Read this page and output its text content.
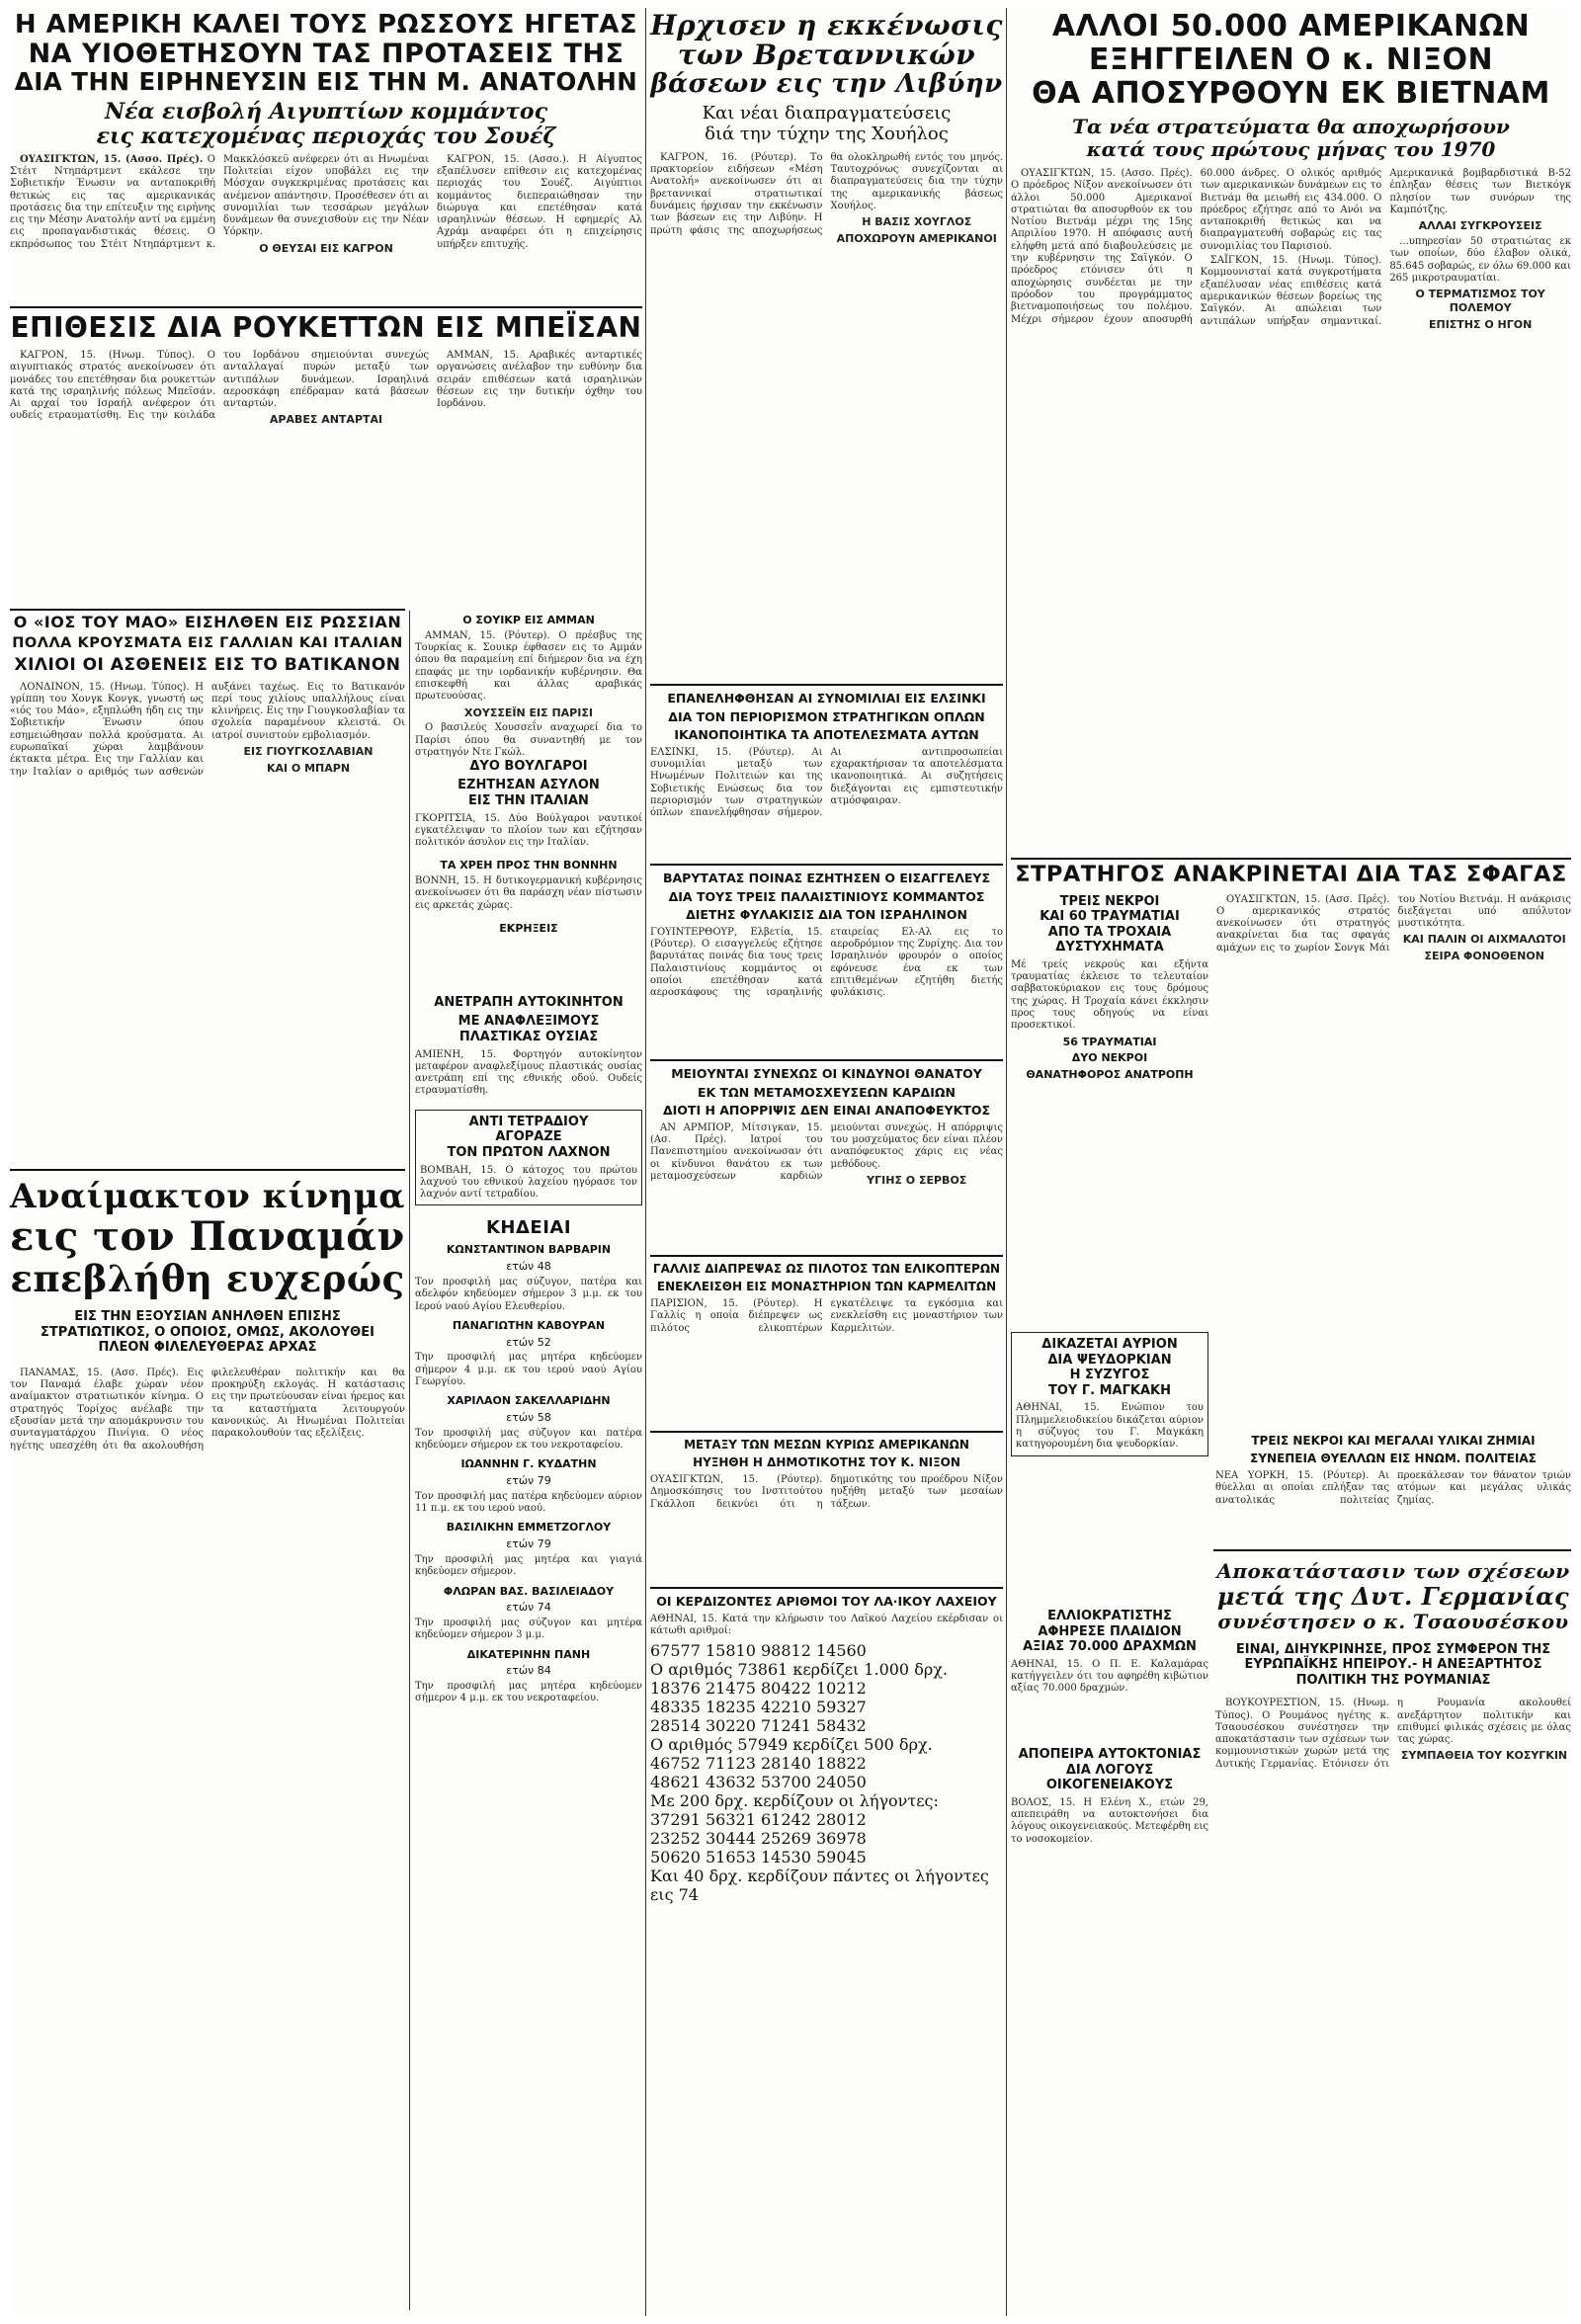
Η ΑΜΕΡΙΚΗ ΚΑΛΕΙ ΤΟΥΣ ΡΩΣΣΟΥΣ ΗΓΕΤΑΣ
ΝΑ ΥΙΟΘΕΤΗΣΟΥΝ ΤΑΣ ΠΡΟΤΑΣΕΙΣ ΤΗΣ
ΔΙΑ ΤΗΝ ΕΙΡΗΝΕΥΣΙΝ ΕΙΣ ΤΗΝ Μ. ΑΝΑΤΟΛΗΝ
Νέα εισβολή Αιγυπτίων κομμάντος
εις κατεχομένας περιοχάς του Σουέζ

ΟΥΑΣΙΓΚΤΩΝ, 15. (Ασσο. Πρές). Ο Στέιτ Ντηπάρτμεντ εκάλεσε την Σοβιετικήν Ένωσιν να ανταποκριθή θετικώς εις τας αμερικανικάς προτάσεις δια την επίτευξιν της ειρήνης εις την Μέσην Ανατολήν αντί να εμμένη εις προπαγανδιστικάς θέσεις. Ο εκπρόσωπος του Στέιτ Ντηπάρτμεντ κ. Μακκλόσκεϋ ανέφερεν ότι αι Ηνωμέναι Πολιτείαι είχον υποβάλει εις την Μόσχαν συγκεκριμένας προτάσεις και ανέμενον απάντησιν. Προσέθεσεν ότι αι συνομιλίαι των τεσσάρων μεγάλων δυνάμεων θα συνεχισθούν εις την Νέαν Υόρκην.

Ο ΘΕΥΣΑΙ ΕΙΣ ΚΑΓΡΟΝ

ΚΑΓΡΟΝ, 15. (Ασσο.). Η Αίγυπτος εξαπέλυσεν επίθεσιν εις κατεχομένας περιοχάς του Σουέζ. Αιγύπτιοι κομμάντος διεπεραιώθησαν την διώρυγα και επετέθησαν κατά ισραηλινών θέσεων. Η εφημερίς Αλ Αχράμ αναφέρει ότι η επιχείρησις υπήρξεν επιτυχής.

ΕΠΙΘΕΣΙΣ ΔΙΑ ΡΟΥΚΕΤΤΩΝ ΕΙΣ ΜΠΕΪΣΑΝ

ΚΑΓΡΟΝ, 15. (Ηνωμ. Τύπος). Ο αιγυπτιακός στρατός ανεκοίνωσεν ότι μονάδες του επετέθησαν δια ρουκεττών κατά της ισραηλινής πόλεως Μπεϊσάν. Αι αρχαί του Ισραήλ ανέφερον ότι ουδείς ετραυματίσθη. Εις την κοιλάδα του Ιορδάνου σημειούνται συνεχώς ανταλλαγαί πυρών μεταξύ των αντιπάλων δυνάμεων. Ισραηλινά αεροσκάφη επέδραμαν κατά βάσεων ανταρτών.

ΑΡΑΒΕΣ ΑΝΤΑΡΤΑΙ

ΑΜΜΑΝ, 15. Αραβικές ανταρτικές οργανώσεις ανέλαβον την ευθύνην δια σειράν επιθέσεων κατά ισραηλινών θέσεων εις την δυτικήν όχθην του Ιορδάνου.

Ο «ΙΟΣ ΤΟΥ ΜΑΟ» ΕΙΣΗΛΘΕΝ ΕΙΣ ΡΩΣΣΙΑΝ
ΠΟΛΛΑ ΚΡΟΥΣΜΑΤΑ ΕΙΣ ΓΑΛΛΙΑΝ ΚΑΙ ΙΤΑΛΙΑΝ
ΧΙΛΙΟΙ ΟΙ ΑΣΘΕΝΕΙΣ ΕΙΣ ΤΟ ΒΑΤΙΚΑΝΟΝ

ΛΟΝΔΙΝΟΝ, 15. (Ηνωμ. Τύπος). Η γρίππη του Χονγκ Κονγκ, γνωστή ως «ιός του Μάο», εξηπλώθη ήδη εις την Σοβιετικήν Ένωσιν όπου εσημειώθησαν πολλά κρούσματα. Αι ευρωπαϊκαί χώραι λαμβάνουν έκτακτα μέτρα. Εις την Γαλλίαν και την Ιταλίαν ο αριθμός των ασθενών αυξάνει ταχέως. Εις το Βατικανόν περί τους χιλίους υπαλλήλους είναι κλινήρεις. Εις την Γιουγκοσλαβίαν τα σχολεία παραμένουν κλειστά. Οι ιατροί συνιστούν εμβολιασμόν.

ΕΙΣ ΓΙΟΥΓΚΟΣΛΑΒΙΑΝ
ΚΑΙ Ο ΜΠΑΡΝ
Αναίμακτον κίνημα
εις τον Παναμάν
επεβλήθη ευχερώς
ΕΙΣ ΤΗΝ ΕΞΟΥΣΙΑΝ ΑΝΗΛΘΕΝ ΕΠΙΣΗΣ ΣΤΡΑΤΙΩΤΙΚΟΣ, Ο ΟΠΟΙΟΣ, ΟΜΩΣ, ΑΚΟΛΟΥΘΕΙ ΠΛΕΟΝ ΦΙΛΕΛΕΥΘΕΡΑΣ ΑΡΧΑΣ

ΠΑΝΑΜΑΣ, 15. (Ασσ. Πρές). Εις τον Παναμά έλαβε χώραν νέον αναίμακτον στρατιωτικόν κίνημα. Ο στρατηγός Τορίχος ανέλαβε την εξουσίαν μετά την απομάκρυνσιν του συνταγματάρχου Πινίγια. Ο νέος ηγέτης υπεσχέθη ότι θα ακολουθήση φιλελευθέραν πολιτικήν και θα προκηρύξη εκλογάς. Η κατάστασις εις την πρωτεύουσαν είναι ήρεμος και τα καταστήματα λειτουργούν κανονικώς. Αι Ηνωμέναι Πολιτείαι παρακολουθούν τας εξελίξεις.

Ο ΣΟΥΙΚΡ ΕΙΣ ΑΜΜΑΝ

ΑΜΜΑΝ, 15. (Ρόυτερ). Ο πρέσβυς της Τουρκίας κ. Σουικρ έφθασεν εις το Αμμάν όπου θα παραμείνη επί διήμερον δια να έχη επαφάς με την ιορδανικήν κυβέρνησιν. Θα επισκεφθή και άλλας αραβικάς πρωτευούσας.

ΧΟΥΣΣΕΪΝ ΕΙΣ ΠΑΡΙΣΙ

Ο βασιλεύς Χουσσεΐν αναχωρεί δια το Παρίσι όπου θα συναντηθή με τον στρατηγόν Ντε Γκώλ.

ΔΥΟ ΒΟΥΛΓΑΡΟΙ
ΕΖΗΤΗΣΑΝ ΑΣΥΛΟΝ
ΕΙΣ ΤΗΝ ΙΤΑΛΙΑΝ
ΓΚΟΡΙΤΣΙΑ, 15. Δύο Βούλγαροι ναυτικοί εγκατέλειψαν το πλοίον των και εζήτησαν πολιτικόν άσυλον εις την Ιταλίαν.
ΤΑ ΧΡΕΗ ΠΡΟΣ ΤΗΝ ΒΟΝΝΗΝ
ΒΟΝΝΗ, 15. Η δυτικογερμανική κυβέρνησις ανεκοίνωσεν ότι θα παράσχη νέαν πίστωσιν εις αρκετάς χώρας.
ΕΚΡΗΞΕΙΣ
ΑΝΕΤΡΑΠΗ ΑΥΤΟΚΙΝΗΤΟΝ
ΜΕ ΑΝΑΦΛΕΞΙΜΟΥΣ
ΠΛΑΣΤΙΚΑΣ ΟΥΣΙΑΣ
ΑΜΙΕΝΗ, 15. Φορτηγόν αυτοκίνητον μεταφέρον αναφλεξίμους πλαστικάς ουσίας ανετράπη επί της εθνικής οδού. Ουδείς ετραυματίσθη.
ΑΝΤΙ ΤΕΤΡΑΔΙΟΥ
ΑΓΟΡΑΖΕ
ΤΟΝ ΠΡΩΤΟΝ ΛΑΧΝΟΝ
ΒΟΜΒΑΗ, 15. Ο κάτοχος του πρώτου λαχνού του εθνικού λαχείου ηγόρασε τον λαχνόν αντί τετραδίου.
ΚΗΔΕΙΑΙ
ΚΩΝΣΤΑΝΤΙΝΟΝ ΒΑΡΒΑΡΙΝ
ετών 48
Τον προσφιλή μας σύζυγον, πατέρα και αδελφόν κηδεύομεν σήμερον 3 μ.μ. εκ του Ιερού ναού Αγίου Ελευθερίου.
ΠΑΝΑΓΙΩΤΗΝ ΚΑΒΟΥΡΑΝ
ετών 52
Την προσφιλή μας μητέρα κηδεύομεν σήμερον 4 μ.μ. εκ του ιερού ναού Αγίου Γεωργίου.
ΧΑΡΙΛΑΟΝ ΣΑΚΕΛΛΑΡΙΔΗΝ
ετών 58
Τον προσφιλή μας σύζυγον και πατέρα κηδεύομεν σήμερον εκ του νεκροταφείου.
ΙΩΑΝΝΗΝ Γ. ΚΥΔΑΤΗΝ
ετών 79
Τον προσφιλή μας πατέρα κηδεύομεν αύριον 11 π.μ. εκ του ιερού ναού.
ΒΑΣΙΛΙΚΗΝ ΕΜΜΕΤΖΟΓΛΟΥ
ετών 79
Την προσφιλή μας μητέρα και γιαγιά κηδεύομεν σήμερον.
ΦΛΩΡΑΝ ΒΑΣ. ΒΑΣΙΛΕΙΑΔΟΥ
ετών 74
Την προσφιλή μας σύζυγον και μητέρα κηδεύομεν σήμερον 3 μ.μ.
ΔΙΚΑΤΕΡΙΝΗΝ ΠΑΝΗ
ετών 84
Την προσφιλή μας μητέρα κηδεύομεν σήμερον 4 μ.μ. εκ του νεκροταφείου.
Ηρχισεν η εκκένωσις
των Βρεταννικών
βάσεων εις την Λιβύην
Και νέαι διαπραγματεύσεις
διά την τύχην της Χουήλος

ΚΑΓΡΟΝ, 16. (Ρόυτερ). Το πρακτορείον ειδήσεων «Μέση Ανατολή» ανεκοίνωσεν ότι αι βρεταννικαί στρατιωτικαί δυνάμεις ήρχισαν την εκκένωσιν των βάσεων εις την Λιβύην. Η πρώτη φάσις της αποχωρήσεως θα ολοκληρωθή εντός του μηνός. Ταυτοχρόνως συνεχίζονται αι διαπραγματεύσεις δια την τύχην της αμερικανικής βάσεως Χουήλος.

Η ΒΑΣΙΣ ΧΟΥΓΛΟΣ
ΑΠΟΧΩΡΟΥΝ ΑΜΕΡΙΚΑΝΟΙ
ΕΠΑΝΕΛΗΦΘΗΣΑΝ ΑΙ ΣΥΝΟΜΙΛΙΑΙ ΕΙΣ ΕΛΣΙΝΚΙ
ΔΙΑ ΤΟΝ ΠΕΡΙΟΡΙΣΜΟΝ ΣΤΡΑΤΗΓΙΚΩΝ ΟΠΛΩΝ
ΙΚΑΝΟΠΟΙΗΤΙΚΑ ΤΑ ΑΠΟΤΕΛΕΣΜΑΤΑ ΑΥΤΩΝ
ΕΛΣΙΝΚΙ, 15. (Ρόυτερ). Αι συνομιλίαι μεταξύ των Ηνωμένων Πολιτειών και της Σοβιετικής Ενώσεως δια τον περιορισμόν των στρατηγικών όπλων επανελήφθησαν σήμερον. Αι αντιπροσωπείαι εχαρακτήρισαν τα αποτελέσματα ικανοποιητικά. Αι συζητήσεις διεξάγονται εις εμπιστευτικήν ατμόσφαιραν.
ΒΑΡΥΤΑΤΑΣ ΠΟΙΝΑΣ ΕΖΗΤΗΣΕΝ Ο ΕΙΣΑΓΓΕΛΕΥΣ
ΔΙΑ ΤΟΥΣ ΤΡΕΙΣ ΠΑΛΑΙΣΤΙΝΙΟΥΣ ΚΟΜΜΑΝΤΟΣ
ΔΙΕΤΗΣ ΦΥΛΑΚΙΣΙΣ ΔΙΑ ΤΟΝ ΙΣΡΑΗΛΙΝΟΝ
ΓΟΥΙΝΤΕΡΘΟΥΡ, Ελβετία, 15. (Ρόυτερ). Ο εισαγγελεύς εζήτησε βαρυτάτας ποινάς δια τους τρεις Παλαιστινίους κομμάντος οι οποίοι επετέθησαν κατά αεροσκάφους της ισραηλινής εταιρείας Ελ-Αλ εις το αεροδρόμιον της Ζυρίχης. Δια τον Ισραηλινόν φρουρόν ο οποίος εφόνευσε ένα εκ των επιτιθεμένων εζητήθη διετής φυλάκισις.
ΜΕΙΟΥΝΤΑΙ ΣΥΝΕΧΩΣ ΟΙ ΚΙΝΔΥΝΟΙ ΘΑΝΑΤΟΥ
ΕΚ ΤΩΝ ΜΕΤΑΜΟΣΧΕΥΣΕΩΝ ΚΑΡΔΙΩΝ
ΔΙΟΤΙ Η ΑΠΟΡΡΙΨΙΣ ΔΕΝ ΕΙΝΑΙ ΑΝΑΠΟΦΕΥΚΤΟΣ

ΑΝ ΑΡΜΠΟΡ, Μίτσιγκαν, 15. (Ασ. Πρές). Ιατροί του Πανεπιστημίου ανεκοίνωσαν ότι οι κίνδυνοι θανάτου εκ των μεταμοσχεύσεων καρδιών μειούνται συνεχώς. Η απόρριψις του μοσχεύματος δεν είναι πλέον αναπόφευκτος χάρις εις νέας μεθόδους.

ΥΓΙΗΣ Ο ΣΕΡΒΟΣ
ΓΑΛΛΙΣ ΔΙΑΠΡΕΨΑΣ ΩΣ ΠΙΛΟΤΟΣ ΤΩΝ ΕΛΙΚΟΠΤΕΡΩΝ
ΕΝΕΚΛΕΙΣΘΗ ΕΙΣ ΜΟΝΑΣΤΗΡΙΟΝ ΤΩΝ ΚΑΡΜΕΛΙΤΩΝ
ΠΑΡΙΣΙΟΝ, 15. (Ρόυτερ). Η Γαλλίς η οποία διέπρεψεν ως πιλότος ελικοπτέρων εγκατέλειψε τα εγκόσμια και ενεκλείσθη εις μοναστήριον των Καρμελιτών.
ΜΕΤΑΞΥ ΤΩΝ ΜΕΣΩΝ ΚΥΡΙΩΣ ΑΜΕΡΙΚΑΝΩΝ
ΗΥΞΗΘΗ Η ΔΗΜΟΤΙΚΟΤΗΣ ΤΟΥ Κ. ΝΙΞΟΝ
ΟΥΑΣΙΓΚΤΩΝ, 15. (Ρόυτερ). Δημοσκόπησις του Ινστιτούτου Γκάλλοπ δεικνύει ότι η δημοτικότης του προέδρου Νίξον ηυξήθη μεταξύ των μεσαίων τάξεων.
ΟΙ ΚΕΡΔΙΖΟΝΤΕΣ ΑΡΙΘΜΟΙ ΤΟΥ ΛΑ·ΙΚΟΥ ΛΑΧΕΙΟΥ
ΑΘΗΝΑΙ, 15. Κατά την κλήρωσιν του Λαϊκού Λαχείου εκέρδισαν οι κάτωθι αριθμοί:
67577 15810 98812 14560
Ο αριθμός 73861 κερδίζει 1.000 δρχ.
18376 21475 80422 10212
48335 18235 42210 59327
28514 30220 71241 58432
Ο αριθμός 57949 κερδίζει 500 δρχ.
46752 71123 28140 18822
48621 43632 53700 24050
Με 200 δρχ. κερδίζουν οι λήγοντες:
37291 56321 61242 28012
23252 30444 25269 36978
50620 51653 14530 59045
Και 40 δρχ. κερδίζουν πάντες οι λήγοντες εις 74
ΑΛΛΟΙ 50.000 ΑΜΕΡΙΚΑΝΩΝ
ΕΞΗΓΓΕΙΛΕΝ Ο κ. ΝΙΞΟΝ
ΘΑ ΑΠΟΣΥΡΘΟΥΝ ΕΚ ΒΙΕΤΝΑΜ
Τα νέα στρατεύματα θα αποχωρήσουν
κατά τους πρώτους μήνας του 1970

ΟΥΑΣΙΓΚΤΩΝ, 15. (Ασσο. Πρές). Ο πρόεδρος Νίξον ανεκοίνωσεν ότι άλλοι 50.000 Αμερικανοί στρατιώται θα αποσυρθούν εκ του Νοτίου Βιετνάμ μέχρι της 15ης Απριλίου 1970. Η απόφασις αυτή ελήφθη μετά από διαβουλεύσεις με την κυβέρνησιν της Σαϊγκόν. Ο πρόεδρος ετόνισεν ότι η αποχώρησις συνδέεται με την πρόοδον του προγράμματος βιετναμοποιήσεως του πολέμου. Μέχρι σήμερον έχουν αποσυρθή 60.000 άνδρες. Ο ολικός αριθμός των αμερικανικών δυνάμεων εις το Βιετνάμ θα μειωθή εις 434.000. Ο πρόεδρος εζήτησε από το Ανόι να ανταποκριθή θετικώς και να διαπραγματευθή σοβαρώς εις τας συνομιλίας του Παρισιού.

ΣΑΪΓΚΟΝ, 15. (Ηνωμ. Τύπος). Κομμουνισταί κατά συγκροτήματα εξαπέλυσαν νέας επιθέσεις κατά αμερικανικών θέσεων βορείως της Σαϊγκόν. Αι απώλειαι των αντιπάλων υπήρξαν σημαντικαί. Αμερικανικά βομβαρδιστικά Β-52 έπληξαν θέσεις των Βιετκόγκ πλησίον των συνόρων της Καμπότζης.

ΑΛΛΑΙ ΣΥΓΚΡΟΥΣΕΙΣ

...υπηρεσίαν 50 στρατιώτας εκ των οποίων, δύο έλαβον ολικά, 85.645 σοβαρώς, εν όλω 69.000 και 265 μικροτραυματίαι.

Ο ΤΕΡΜΑΤΙΣΜΟΣ ΤΟΥ ΠΟΛΕΜΟΥ
ΕΠΙΣΤΗΣ Ο ΗΓΟΝ
ΣΤΡΑΤΗΓΟΣ ΑΝΑΚΡΙΝΕΤΑΙ ΔΙΑ ΤΑΣ ΣΦΑΓΑΣ
ΤΡΕΙΣ ΝΕΚΡΟΙ
ΚΑΙ 60 ΤΡΑΥΜΑΤΙΑΙ
ΑΠΟ ΤΑ ΤΡΟΧΑΙΑ
ΔΥΣΤΥΧΗΜΑΤΑ
Μέ τρείς νεκρούς και εξήντα τραυματίας έκλεισε το τελευταίον σαββατοκύριακον εις τους δρόμους της χώρας. Η Τροχαία κάνει έκκλησιν προς τους οδηγούς να είναι προσεκτικοί.
56 ΤΡΑΥΜΑΤΙΑΙ
ΔΥΟ ΝΕΚΡΟΙ
ΘΑΝΑΤΗΦΟΡΟΣ ΑΝΑΤΡΟΠΗ

ΟΥΑΣΙΓΚΤΩΝ, 15. (Ασσ. Πρές). Ο αμερικανικός στρατός ανεκοίνωσεν ότι στρατηγός ανακρίνεται δια τας σφαγάς αμάχων εις το χωρίον Σονγκ Μάι του Νοτίου Βιετνάμ. Η ανάκρισις διεξάγεται υπό απόλυτον μυστικότητα.

ΚΑΙ ΠΑΛΙΝ ΟΙ ΑΙΧΜΑΛΩΤΟΙ
ΣΕΙΡΑ ΦΟΝΟΘΕΝΟΝ
ΔΙΚΑΖΕΤΑΙ ΑΥΡΙΟΝ
ΔΙΑ ΨΕΥΔΟΡΚΙΑΝ
Η ΣΥΖΥΓΟΣ
ΤΟΥ Γ. ΜΑΓΚΑΚΗ
ΑΘΗΝΑΙ, 15. Ενώπιον του Πλημμελειοδικείου δικάζεται αύριον η σύζυγος του Γ. Μαγκάκη κατηγορουμένη δια ψευδορκίαν.	ΤΡΕΙΣ ΝΕΚΡΟΙ ΚΑΙ ΜΕΓΑΛΑΙ ΥΛΙΚΑΙ ΖΗΜΙΑΙ
ΣΥΝΕΠΕΙΑ ΘΥΕΛΛΩΝ ΕΙΣ ΗΝΩΜ. ΠΟΛΙΤΕΙΑΣ
ΝΕΑ ΥΟΡΚΗ, 15. (Ρόυτερ). Αι θύελλαι αι οποίαι επλήξαν τας ανατολικάς πολιτείας προεκάλεσαν τον θάνατον τριών ατόμων και μεγάλας υλικάς ζημίας.
ΕΛΛΙΟΚΡΑΤΙΣΤΗΣ
ΑΦΗΡΕΣΕ ΠΛΑΙΔΙΟΝ
ΑΞΙΑΣ 70.000 ΔΡΑΧΜΩΝ
ΑΘΗΝΑΙ, 15. Ο Π. Ε. Καλαμάρας κατήγγειλεν ότι του αφηρέθη κιβώτιον αξίας 70.000 δραχμών.
ΑΠΟΠΕΙΡΑ ΑΥΤΟΚΤΟΝΙΑΣ
ΔΙΑ ΛΟΓΟΥΣ
ΟΙΚΟΓΕΝΕΙΑΚΟΥΣ
ΒΟΛΟΣ, 15. Η Ελένη Χ., ετών 29, απεπειράθη να αυτοκτονήσει δια λόγους οικογενειακούς. Μετεφέρθη εις το νοσοκομείον.
Αποκατάστασιν των σχέσεων
μετά της Δυτ. Γερμανίας
συνέστησεν ο κ. Τσαουσέσκου
ΕΙΝΑΙ, ΔΙΗΥΚΡΙΝΗΣΕ, ΠΡΟΣ ΣΥΜΦΕΡΟΝ ΤΗΣ ΕΥΡΩΠΑΪΚΗΣ ΗΠΕΙΡΟΥ.- Η ΑΝΕΞΑΡΤΗΤΟΣ ΠΟΛΙΤΙΚΗ ΤΗΣ ΡΟΥΜΑΝΙΑΣ

ΒΟΥΚΟΥΡΕΣΤΙΟΝ, 15. (Ηνωμ. Τύπος). Ο Ρουμάνος ηγέτης κ. Τσαουσέσκου συνέστησεν την αποκατάστασιν των σχέσεων των κομμουνιστικών χωρών μετά της Δυτικής Γερμανίας. Ετόνισεν ότι η Ρουμανία ακολουθεί ανεξάρτητον πολιτικήν και επιθυμεί φιλικάς σχέσεις με όλας τας χώρας.

ΣΥΜΠΑΘΕΙΑ ΤΟΥ ΚΟΣΥΓΚΙΝ
